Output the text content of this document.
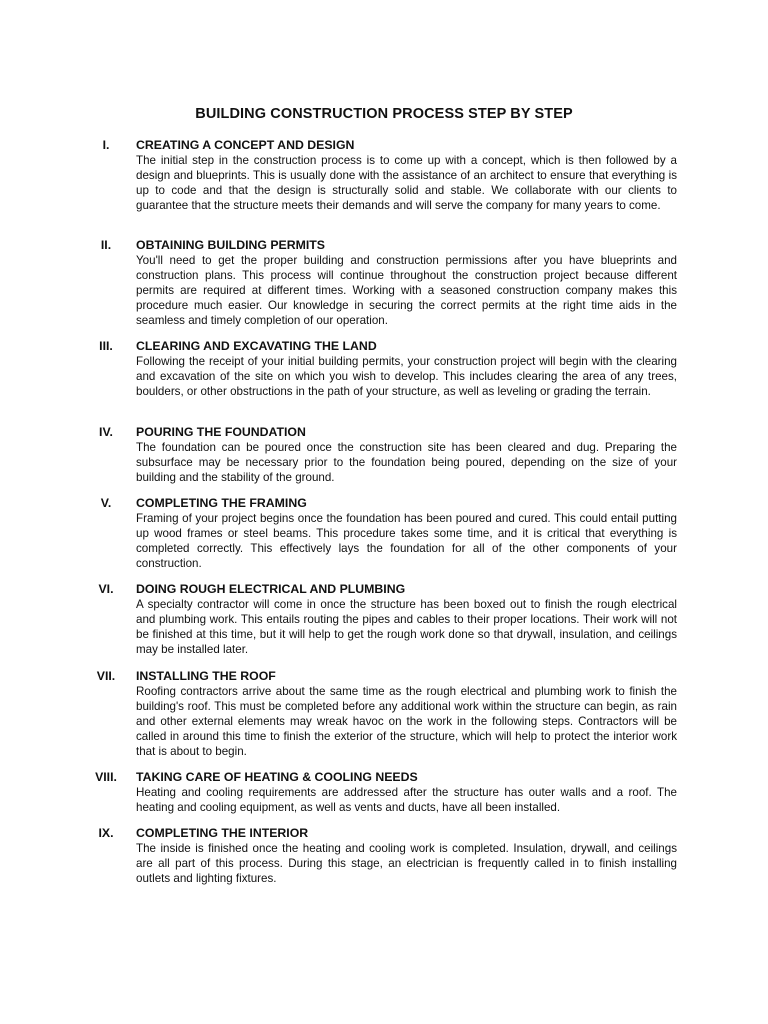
BUILDING CONSTRUCTION PROCESS STEP BY STEP
I.	CREATING A CONCEPT AND DESIGN
The initial step in the construction process is to come up with a concept, which is then followed by a design and blueprints. This is usually done with the assistance of an architect to ensure that everything is up to code and that the design is structurally solid and stable. We collaborate with our clients to guarantee that the structure meets their demands and will serve the company for many years to come.
II.	OBTAINING BUILDING PERMITS
You'll need to get the proper building and construction permissions after you have blueprints and construction plans. This process will continue throughout the construction project because different permits are required at different times. Working with a seasoned construction company makes this procedure much easier. Our knowledge in securing the correct permits at the right time aids in the seamless and timely completion of our operation.
III.	CLEARING AND EXCAVATING THE LAND
Following the receipt of your initial building permits, your construction project will begin with the clearing and excavation of the site on which you wish to develop. This includes clearing the area of any trees, boulders, or other obstructions in the path of your structure, as well as leveling or grading the terrain.
IV.	POURING THE FOUNDATION
The foundation can be poured once the construction site has been cleared and dug. Preparing the subsurface may be necessary prior to the foundation being poured, depending on the size of your building and the stability of the ground.
V.	COMPLETING THE FRAMING
Framing of your project begins once the foundation has been poured and cured. This could entail putting up wood frames or steel beams. This procedure takes some time, and it is critical that everything is completed correctly. This effectively lays the foundation for all of the other components of your construction.
VI.	DOING ROUGH ELECTRICAL AND PLUMBING
A specialty contractor will come in once the structure has been boxed out to finish the rough electrical and plumbing work. This entails routing the pipes and cables to their proper locations. Their work will not be finished at this time, but it will help to get the rough work done so that drywall, insulation, and ceilings may be installed later.
VII.	INSTALLING THE ROOF
Roofing contractors arrive about the same time as the rough electrical and plumbing work to finish the building's roof. This must be completed before any additional work within the structure can begin, as rain and other external elements may wreak havoc on the work in the following steps. Contractors will be called in around this time to finish the exterior of the structure, which will help to protect the interior work that is about to begin.
VIII.	TAKING CARE OF HEATING & COOLING NEEDS
Heating and cooling requirements are addressed after the structure has outer walls and a roof. The heating and cooling equipment, as well as vents and ducts, have all been installed.
IX.	COMPLETING THE INTERIOR
The inside is finished once the heating and cooling work is completed. Insulation, drywall, and ceilings are all part of this process. During this stage, an electrician is frequently called in to finish installing outlets and lighting fixtures.
